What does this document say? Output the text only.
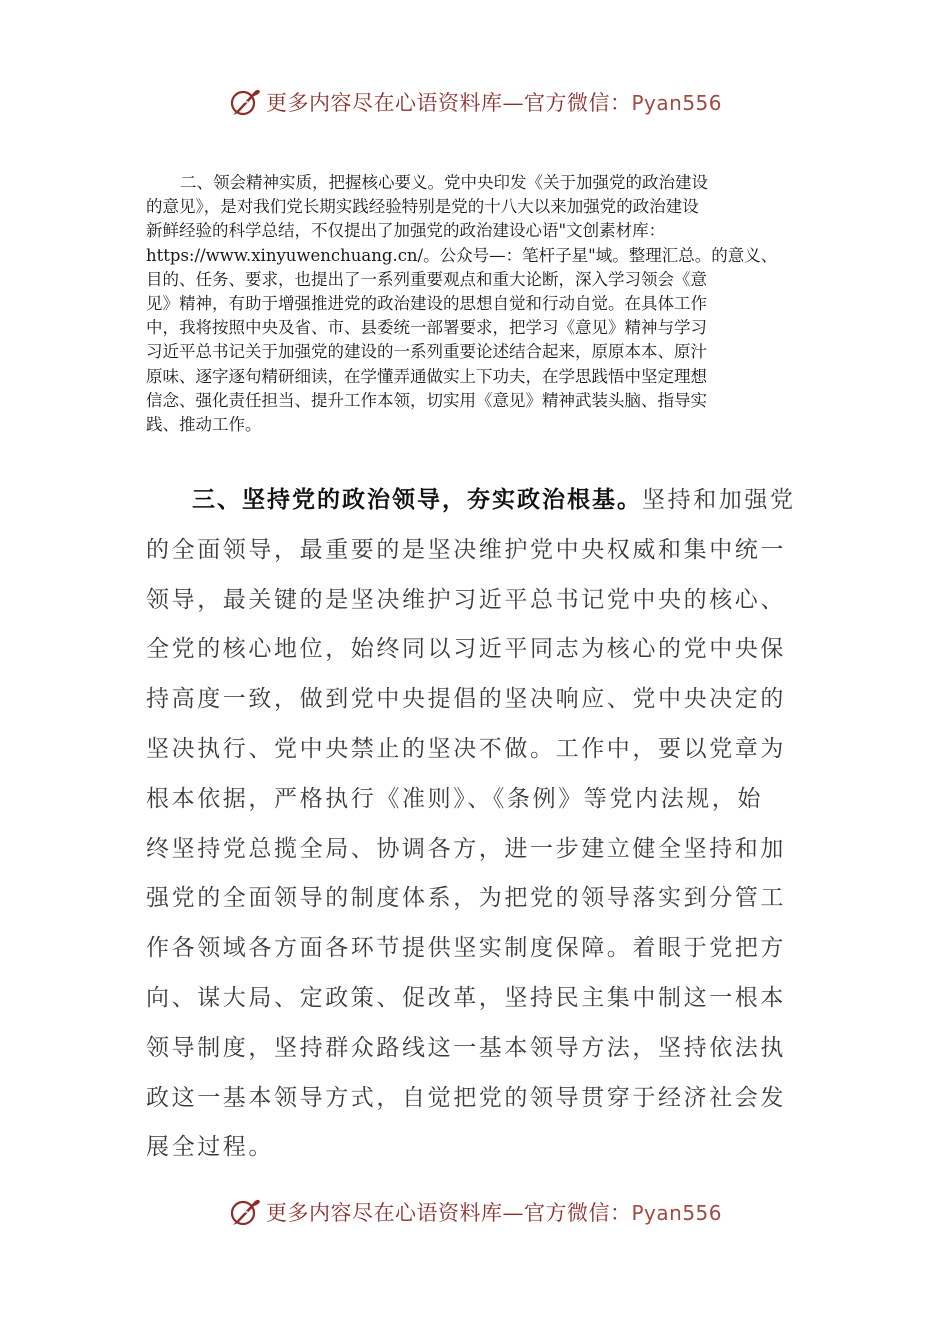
更多内容尽在心语资料库—官方微信：Pyan556
二、领会精神实质，把握核心要义。党中央印发《关于加强党的政治建设
的意见》，是对我们党长期实践经验特别是党的十八大以来加强党的政治建设
新鲜经验的科学总结，不仅提出了加强党的政治建设心语"文创素材库：
https://www.xinyuwenchuang.cn/。公众号—：笔杆子星"域。整理汇总。的意义、
目的、任务、要求，也提出了一系列重要观点和重大论断，深入学习领会《意
见》精神，有助于增强推进党的政治建设的思想自觉和行动自觉。在具体工作
中，我将按照中央及省、市、县委统一部署要求，把学习《意见》精神与学习
习近平总书记关于加强党的建设的一系列重要论述结合起来，原原本本、原汁
原味、逐字逐句精研细读，在学懂弄通做实上下功夫，在学思践悟中坚定理想
信念、强化责任担当、提升工作本领，切实用《意见》精神武装头脑、指导实
践、推动工作。
三、坚持党的政治领导，夯实政治根基。坚持和加强党
的全面领导，最重要的是坚决维护党中央权威和集中统一
领导，最关键的是坚决维护习近平总书记党中央的核心、
全党的核心地位，始终同以习近平同志为核心的党中央保
持高度一致，做到党中央提倡的坚决响应、党中央决定的
坚决执行、党中央禁止的坚决不做。工作中，要以党章为
根本依据，严格执行《准则》、《条例》等党内法规，始
终坚持党总揽全局、协调各方，进一步建立健全坚持和加
强党的全面领导的制度体系，为把党的领导落实到分管工
作各领域各方面各环节提供坚实制度保障。着眼于党把方
向、谋大局、定政策、促改革，坚持民主集中制这一根本
领导制度，坚持群众路线这一基本领导方法，坚持依法执
政这一基本领导方式，自觉把党的领导贯穿于经济社会发
展全过程。
更多内容尽在心语资料库—官方微信：Pyan556
